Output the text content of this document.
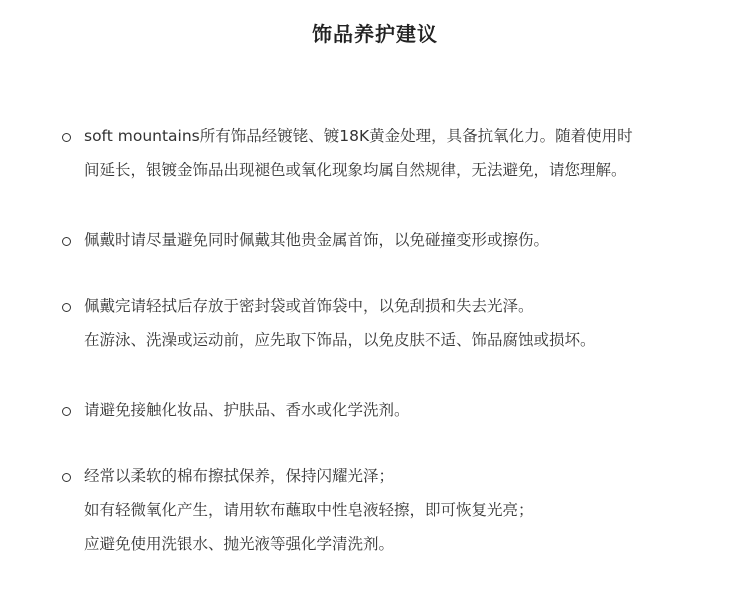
饰品养护建议
soft mountains所有饰品经镀铑、镀18K黄金处理，具备抗氧化力。随着使用时
间延长，银镀金饰品出现褪色或氧化现象均属自然规律，无法避免，请您理解。
佩戴时请尽量避免同时佩戴其他贵金属首饰，以免碰撞变形或擦伤。
佩戴完请轻拭后存放于密封袋或首饰袋中，以免刮损和失去光泽。
在游泳、洗澡或运动前，应先取下饰品，以免皮肤不适、饰品腐蚀或损坏。
请避免接触化妆品、护肤品、香水或化学洗剂。
经常以柔软的棉布擦拭保养，保持闪耀光泽；
如有轻微氧化产生，请用软布蘸取中性皂液轻擦，即可恢复光亮；
应避免使用洗银水、抛光液等强化学清洗剂。
